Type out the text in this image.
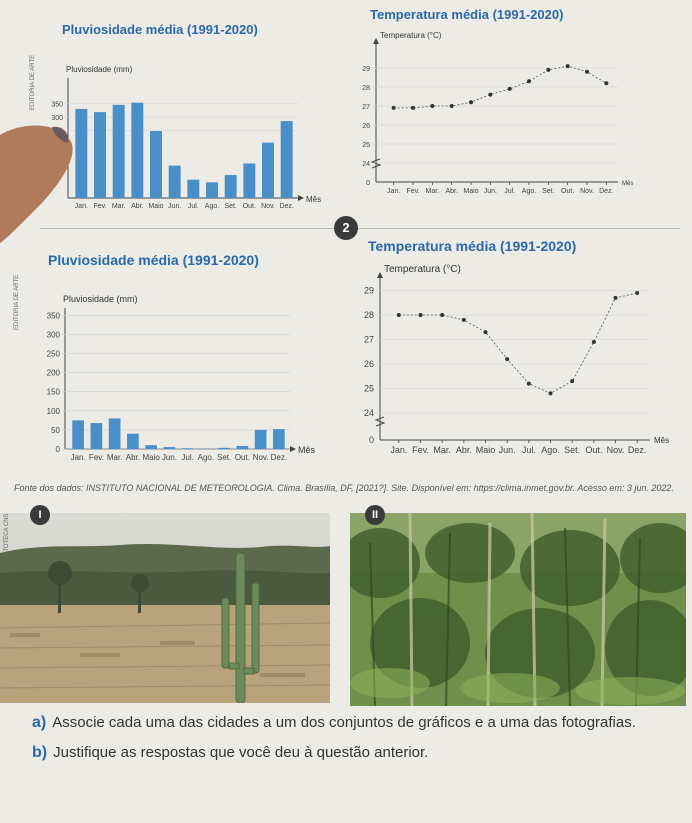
Pluviosidade média (1991-2020)
Temperatura média (1991-2020)
Pluviosidade (mm)
Mês
350
300
Jan. Fev. Mar. Abr. Maio Jun. Jul. Ago. Set. Out. Nov. Dez.
Temperatura (°C)
0
29
28
27
26
25
24
Jan. Fev. Mar. Abr. Maio Jun. Jul. Ago. Set. Out. Nov. Dez.
Mês
EDITORIA DE ARTE
2
Pluviosidade média (1991-2020)
Temperatura média (1991-2020)
Pluviosidade (mm)
Mês
350
300
250
200
150
100
50
0
Jan. Fev. Mar. Abr. Maio Jun. Jul. Ago. Set. Out. Nov. Dez.
Temperatura (°C)
0
29
28
27
26
25
24
Jan. Fev. Mar. Abr. Maio Jun. Jul. Ago. Set. Out. Nov. Dez.
Mês
EDITORIA DE ARTE
Fonte dos dados: INSTITUTO NACIONAL DE METEOROLOGIA. Clima. Brasília, DF, [2021?]. Site. Disponível em: https://clima.inmet.gov.br. Acesso em: 3 jun. 2022.
I
FOTOTECA CNS	II
a) Associe cada uma das cidades a um dos conjuntos de gráficos e a uma das fotografias.
b) Justifique as respostas que você deu à questão anterior.
